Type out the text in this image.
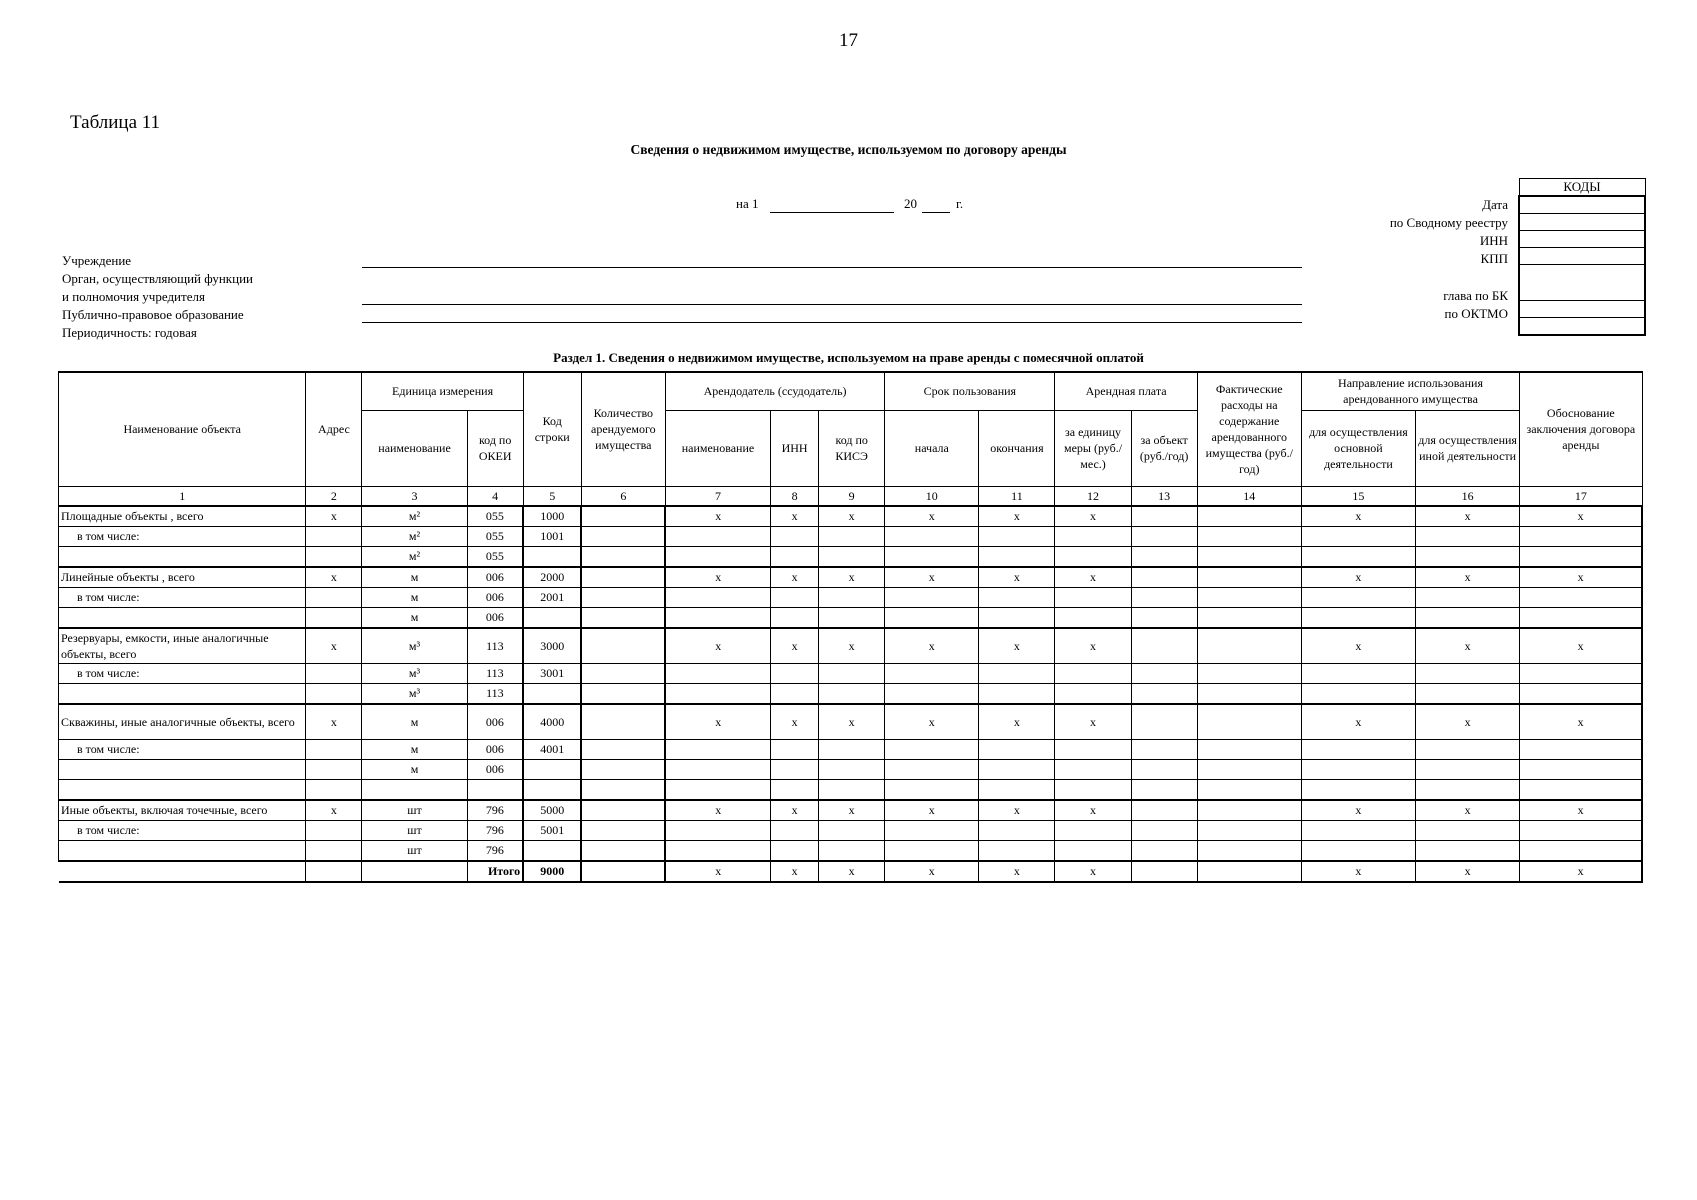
17
Таблица 11
Сведения о недвижимом имуществе, используемом по договору аренды
на 1	20	г.	Дата
по Сводному реестру
ИНН
КПП
глава по БК
по ОКТМО
КОДЫ

Учреждение
Орган, осуществляющий функции
и полномочия учредителя
Публично-правовое образование
Периодичность: годовая
Раздел 1. Сведения о недвижимом имуществе, используемом на праве аренды с помесячной оплатой
Наименование объекта	Адрес	Единица измерения		Код строки	Количество арендуемого имущества	Арендодатель (ссудодатель)			Срок пользования		Арендная плата		Фактические расходы на содержание арендованного имущества (руб./год)	Направление использования арендованного имущества		Обоснование заключения договора аренды
		наименование	код по ОКЕИ			наименование	ИНН	код по КИСЭ	начала	окончания	за единицу меры (руб./мес.)	за объект (руб./год)		для осуществления основной деятельности	для осуществления иной деятельности	
1	2	3	4	5	6	7	8	9	10	11	12	13	14	15	16	17
Площадные объекты , всего	x	м²	055	1000		x	x	x	x	x	x			x	x	x
в том числе:		м²	055	1001												
		м²	055													
Линейные объекты , всего	x	м	006	2000		x	x	x	x	x	x			x	x	x
в том числе:		м	006	2001												
		м	006													
Резервуары, емкости, иные аналогичные объекты, всего	x	м³	113	3000		x	x	x	x	x	x			x	x	x
в том числе:		м³	113	3001												
		м³	113													
Скважины, иные аналогичные объекты, всего	x	м	006	4000		x	x	x	x	x	x			x	x	x
в том числе:		м	006	4001												
		м	006													

Иные объекты, включая точечные, всего	x	шт	796	5000		x	x	x	x	x	x			x	x	x
в том числе:		шт	796	5001												
		шт	796													
			Итого	9000		x	x	x	x	x	x			x	x	x
